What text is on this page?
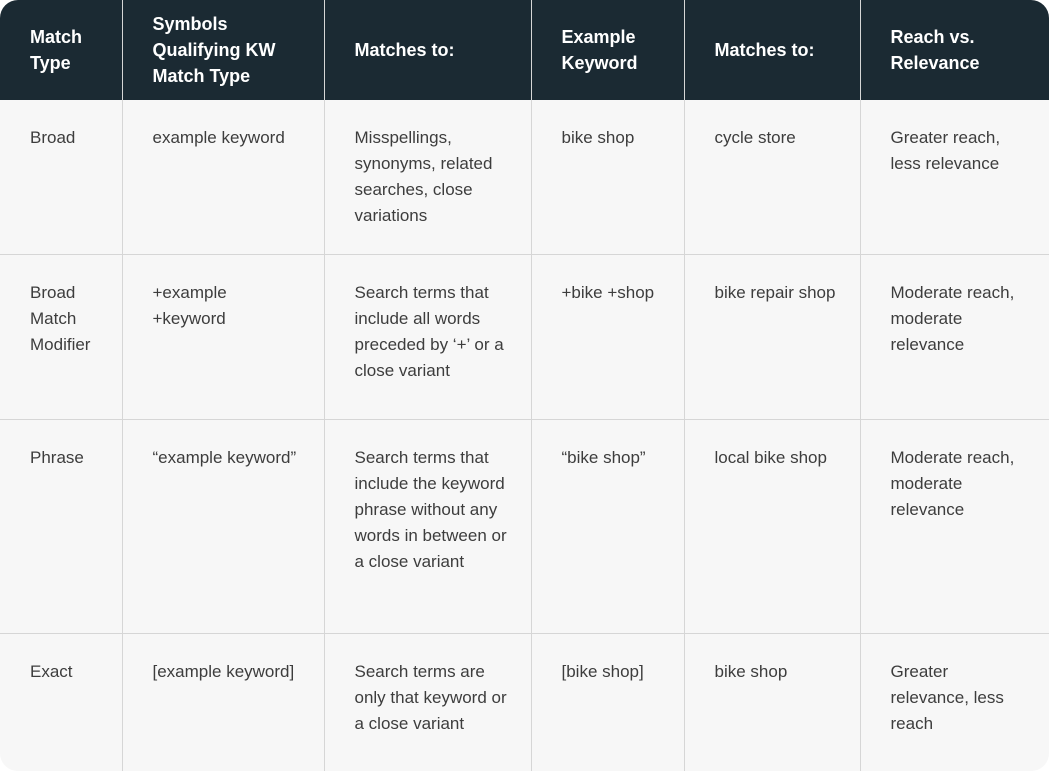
Match Type	Symbols Qualifying KW Match Type	Matches to:	Example Keyword	Matches to:	Reach vs. Relevance
Broad	example keyword	Misspellings, synonyms, related searches, close variations	bike shop	cycle store	Greater reach, less relevance
Broad Match Modifier	+example +keyword	Search terms that include all words preceded by ‘+’ or a close variant	+bike +shop	bike repair shop	Moderate reach, moderate relevance
Phrase	“example keyword”	Search terms that include the keyword phrase without any words in between or a close variant	“bike shop”	local bike shop	Moderate reach, moderate relevance
Exact	[example keyword]	Search terms are only that keyword or a close variant	[bike shop]	bike shop	Greater relevance, less reach
